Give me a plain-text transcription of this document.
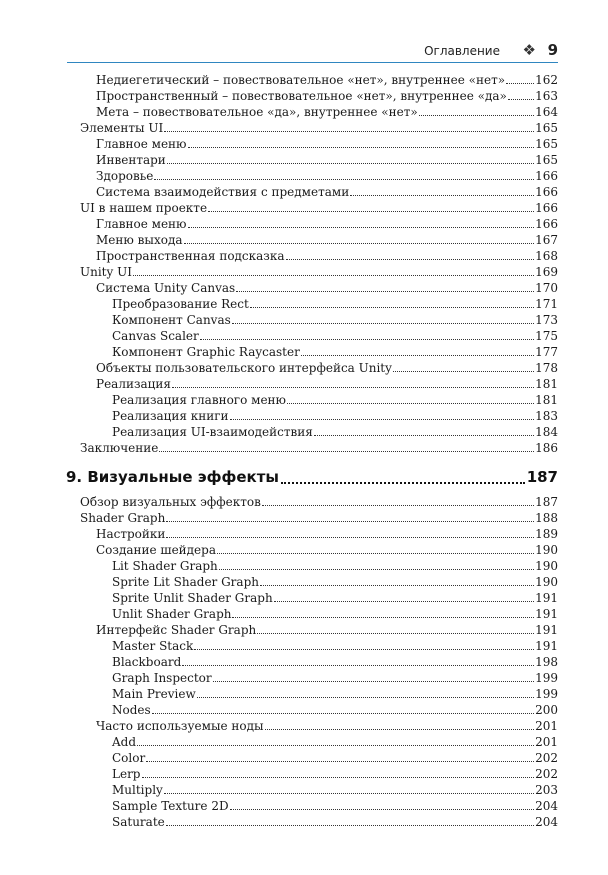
Оглавление ❖ 9
Недиегетический – повествовательное «нет», внутреннее «нет»	162
Пространственный – повествовательное «нет», внутреннее «да» 163
Мета – повествовательное «да», внутреннее «нет»	164
Элементы UI	165
Главное меню	165
Инвентари	165
Здоровье	166
Система взаимодействия с предметами	166
UI в нашем проекте	166
Главное меню	166
Меню выхода	167
Пространственная подсказка	168
Unity UI	169
Система Unity Canvas	170
Преобразование Rect	171
Компонент Canvas	173
Canvas Scaler	175
Компонент Graphic Raycaster	177
Объекты пользовательского интерфейса Unity	178
Реализация	181
Реализация главного меню	181
Реализация книги	183
Реализация UI-взаимодействия	184
Заключение	186
9. Визуальные эффекты	187
Обзор визуальных эффектов	187
Shader Graph	188
Настройки	189
Создание шейдера	190
Lit Shader Graph	190
Sprite Lit Shader Graph	190
Sprite Unlit Shader Graph	191
Unlit Shader Graph	191
Интерфейс Shader Graph	191
Master Stack	191
Blackboard	198
Graph Inspector	199
Main Preview	199
Nodes	200
Часто используемые ноды	201
Add	201
Color	202
Lerp	202
Multiply	203
Sample Texture 2D	204
Saturate	204
